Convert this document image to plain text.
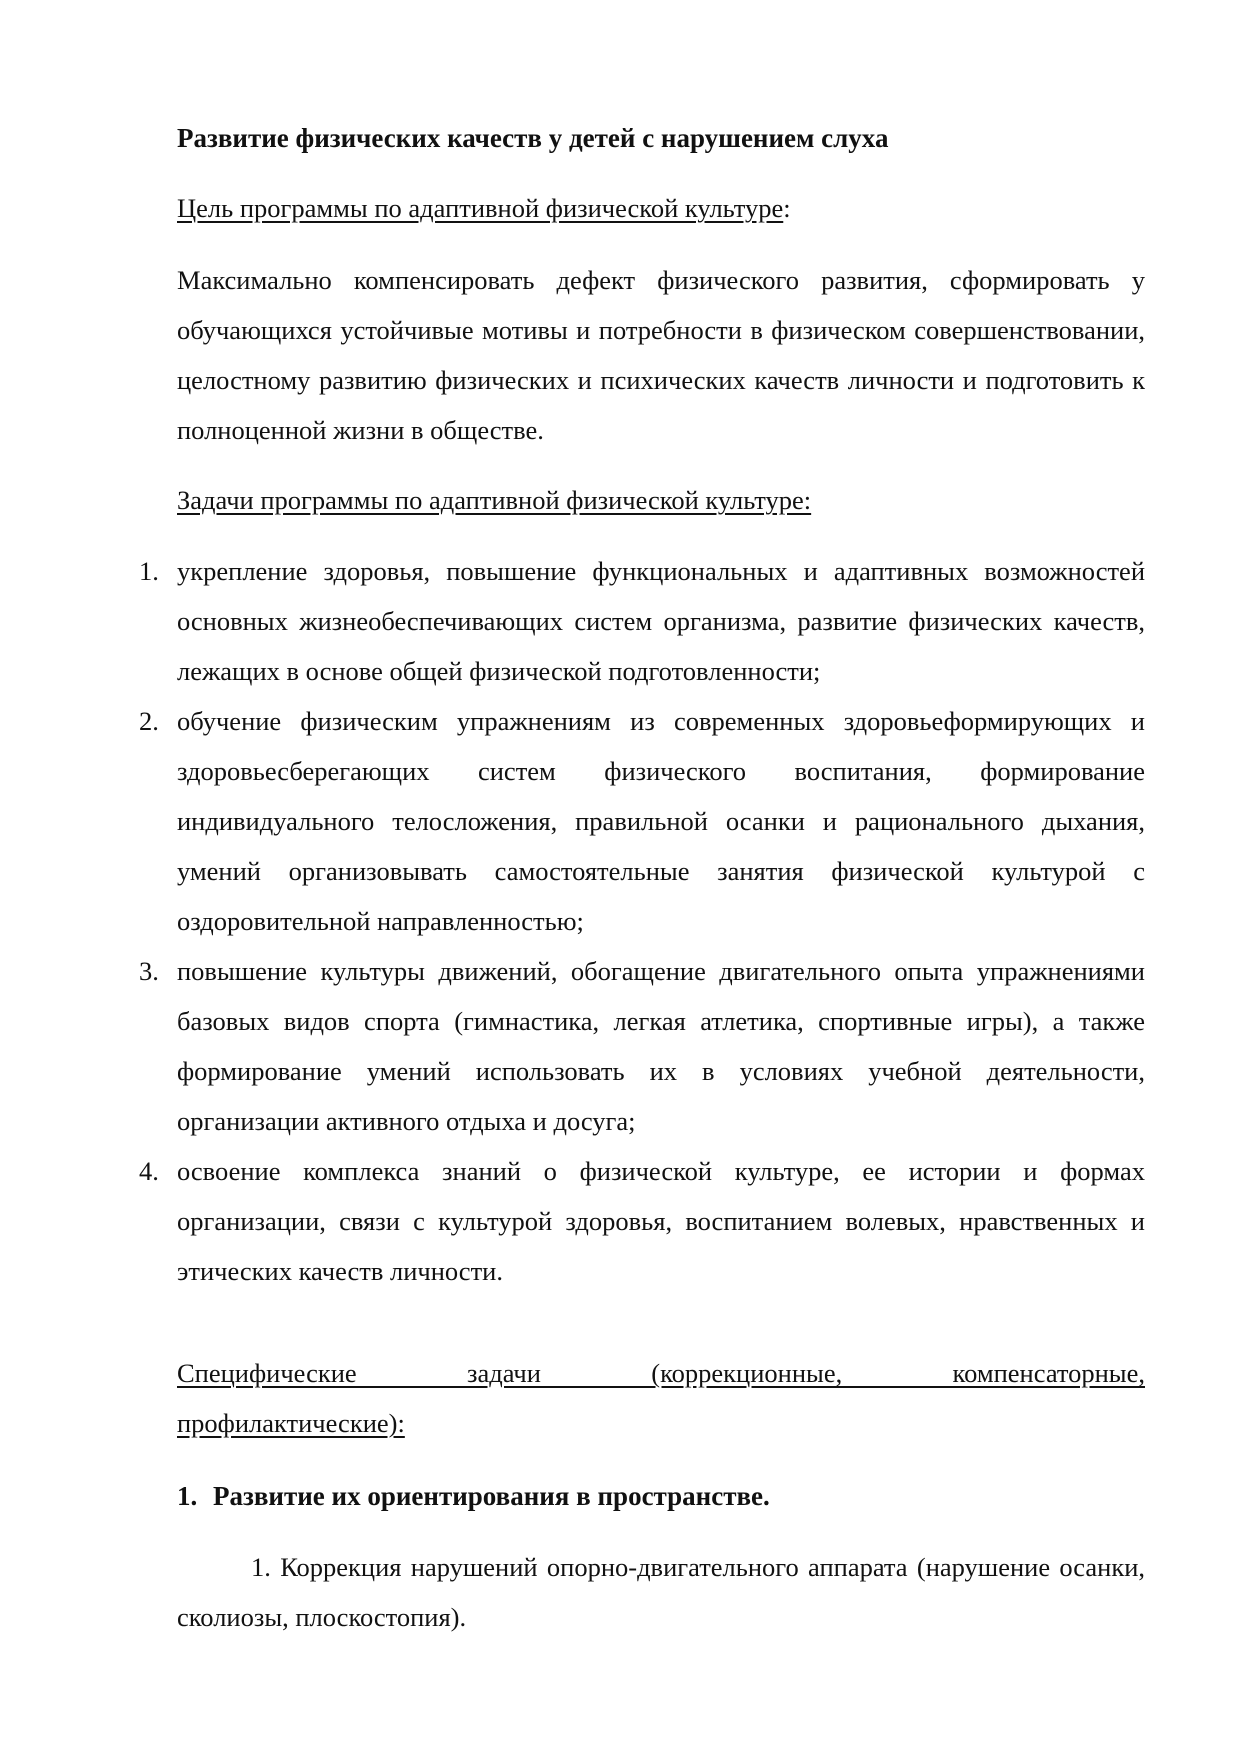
Развитие физических качеств у детей с нарушением слуха

Цель программы по адаптивной физической культуре:

Максимально компенсировать дефект физического развития, сформировать у обучающихся устойчивые мотивы и потребности в физическом совершенствовании, целостному развитию физических и психических качеств личности и подготовить к полноценной жизни в обществе.

Задачи программы по адаптивной физической культуре:

1. укрепление здоровья, повышение функциональных и адаптивных возможностей основных жизнеобеспечивающих систем организма, развитие физических качеств, лежащих в основе общей физической подготовленности;
2. обучение физическим упражнениям из современных здоровьеформирующих и здоровьесберегающих систем физического воспитания, формирование индивидуального телосложения, правильной осанки и рационального дыхания, умений организовывать самостоятельные занятия физической культурой с оздоровительной направленностью;
3. повышение культуры движений, обогащение двигательного опыта упражнениями базовых видов спорта (гимнастика, легкая атлетика, спортивные игры), а также формирование умений использовать их в условиях учебной деятельности, организации активного отдыха и досуга;
4. освоение комплекса знаний о физической культуре, ее истории и формах организации, связи с культурой здоровья, воспитанием волевых, нравственных и этических качеств личности.

Специфические задачи (коррекционные, компенсаторные,
профилактические):

1. Развитие их ориентирования в пространстве.

1. Коррекция нарушений опорно-двигательного аппарата (нарушение осанки, сколиозы, плоскостопия).
